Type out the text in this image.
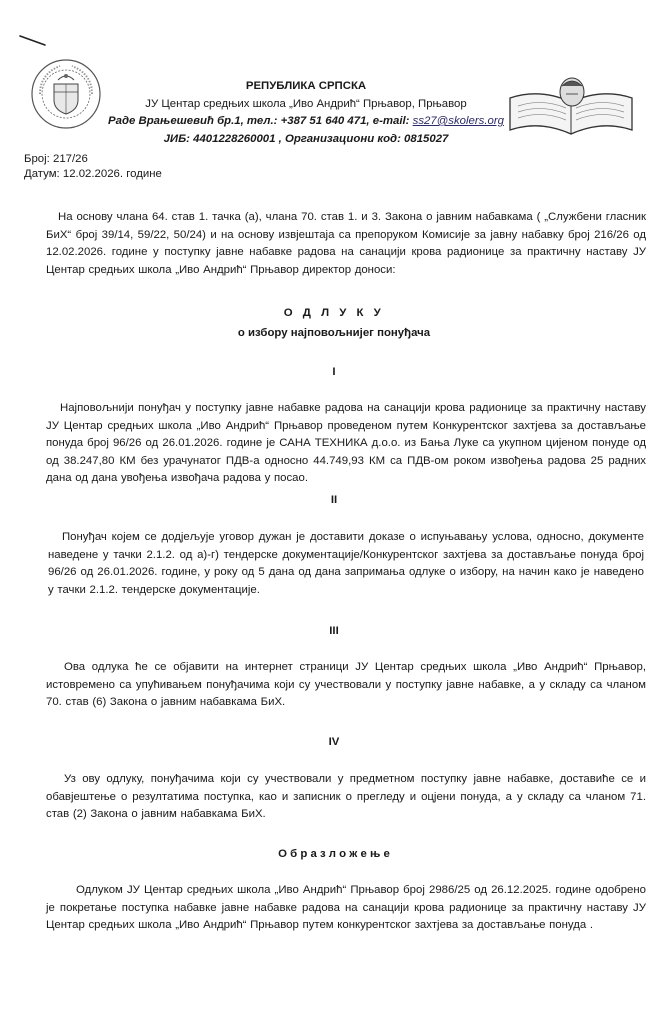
РЕПУБЛИКА СРПСКА
ЈУ Центар средњих школа „Иво Андрић“ Прњавор, Прњавор
Раде Врањешевић бр.1, тел.: +387 51 640 471, e-mail: ss27@skolers.org
ЈИБ: 4401228260001 , Организациони код: 0815027
Број: 217/26
Датум: 12.02.2026. године
На основу члана 64. став 1. тачка (а), члана 70. став 1. и 3. Закона о јавним набавкама ( „Службени гласник БиХ“ број 39/14, 59/22, 50/24) и на основу извјештаја са препоруком Комисије за јавну набавку број 216/26 од 12.02.2026. године у поступку јавне набавке радова на санацији крова радионице за практичну наставу ЈУ Центар средњих школа „Иво Андрић“ Прњавор директор доноси:
О Д Л У К У
о избору најповољнијег понуђача
I
Најповољнији понуђач у поступку јавне набавке радова на санацији крова радионице за практичну наставу ЈУ Центар средњих школа „Иво Андрић“ Прњавор проведеном путем Конкурентског захтјева за достављање понуда број 96/26 од 26.01.2026. године је САНА ТЕХНИКА д.о.о. из Бања Луке са укупном цијеном понуде од од 38.247,80 КМ без урачунатог ПДВ-а односно 44.749,93 КМ са ПДВ-ом роком извођења радова 25 радних дана од дана увођења извођача радова у посао.
II
Понуђач којем се додјељује уговор дужан је доставити доказе о испуњавању услова, односно, документе наведене у тачки 2.1.2. од а)-г) тендерске документације/Конкурентског захтјева за достављање понуда број 96/26 од 26.01.2026. године, у року од 5 дана од дана запримања одлуке о избору, на начин како је наведено у тачки 2.1.2. тендерске документације.
III
Ова одлука ће се објавити на интернет страници ЈУ Центар средњих школа „Иво Андрић“ Прњавор, истовремено са упућивањем понуђачима који су учествовали у поступку јавне набавке, а у складу са чланом 70. став (6) Закона о јавним набавкама БиХ.
IV
Уз ову одлуку, понуђачима који су учествовали у предметном поступку јавне набавке, доставиће се и обавјештење о резултатима поступка, као и записник о прегледу и оцјени понуда, а у складу са чланом 71. став (2) Закона о јавним набавкама БиХ.
О б р а з л о ж е њ е
Одлуком ЈУ Центар средњих школа „Иво Андрић“ Прњавор број 2986/25 од 26.12.2025. године одобрено је покретање поступка набавке јавне набавке радова на санацији крова радионице за практичну наставу ЈУ Центар средњих школа „Иво Андрић“ Прњавор путем конкурентског захтјева за достављање понуда .
